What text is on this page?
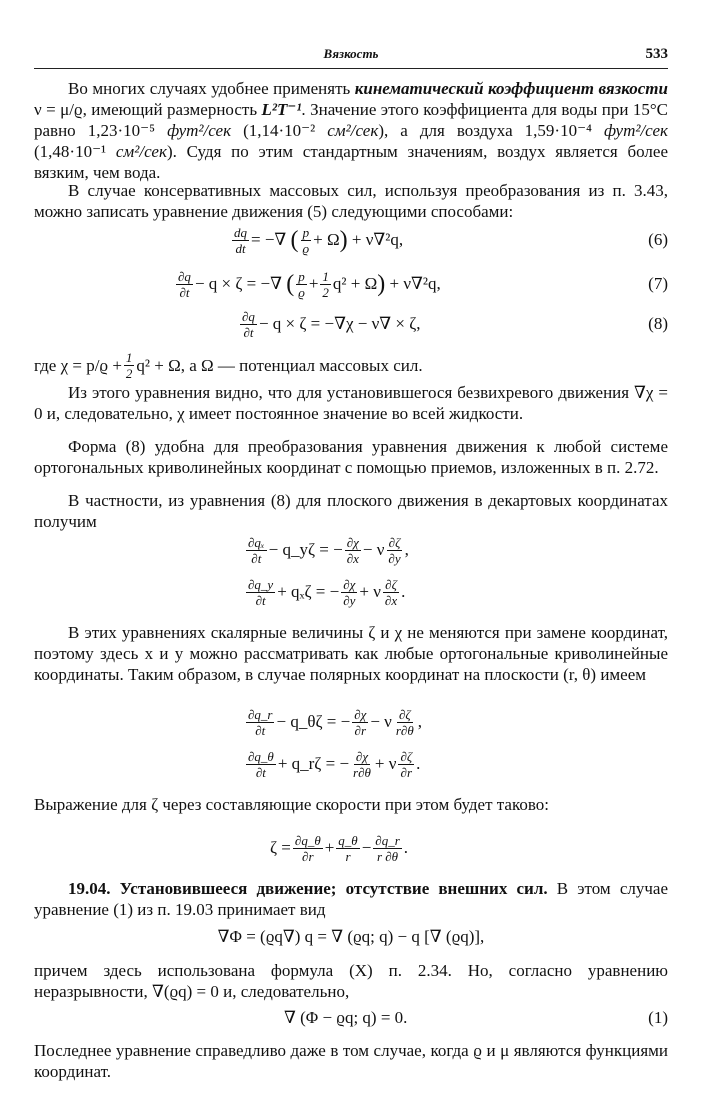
Вязкость	533
Во многих случаях удобнее применять кинематический коэффициент вязкости ν = μ/ϱ, имеющий размерность L²T⁻¹. Значение этого коэффициента для воды при 15°С равно 1,23·10⁻⁵ фут²/сек (1,14·10⁻² см²/сек), а для воздуха 1,59·10⁻⁴ фут²/сек (1,48·10⁻¹ см²/сек). Судя по этим стандартным значениям, воздух является более вязким, чем вода.
В случае консервативных массовых сил, используя преобразования из п. 3.43, можно записать уравнение движения (5) следующими способами:
$\frac{dq}{dt}$ = −∇
( p
ϱ + Ω )
+ ν∇²q,	(6)
∂q
∂t − q × ζ = −∇
( p
ϱ + 1
2 q² + Ω )
+ ν∇²q,	(7)
∂q
∂t − q × ζ = −∇χ − ν∇ × ζ,	(8)
где $\chi = p/ϱ + \frac{1}{2} q^2 + \Omega$, а Ω — потенциал массовых сил.
Из этого уравнения видно, что для установившегося безвихревого движения ∇χ = 0 и, следовательно, χ имеет постоянное значение во всей жидкости.
Форма (8) удобна для преобразования уравнения движения к любой системе ортогональных криволинейных координат с помощью приемов, изложенных в п. 2.72.
В частности, из уравнения (8) для плоского движения в декартовых координатах получим
∂qₓ
∂t − q_yζ = − $\frac{\partial\chi}{\partial x} - \nu$ ∂ζ
∂y ,
∂q_y
∂t + qₓζ = − $\frac{\partial\chi}{\partial y} + \nu$ ∂ζ
∂x .
В этих уравнениях скалярные величины ζ и χ не меняются при замене координат, поэтому здесь x и y можно рассматривать как любые ортогональные криволинейные координаты. Таким образом, в случае полярных координат на плоскости (r, θ) имеем
∂q_r
∂t − q_θζ = − $\frac{\partial\chi}{\partial r} - \nu$ ∂ζ
r∂θ ,
∂q_θ
∂t + q_rζ = − $\frac{\partial\chi}{r\partial\theta} + \nu$ ∂ζ
∂r .
Выражение для ζ через составляющие скорости при этом будет таково:
$\zeta = \frac{\partial q\_\theta}{\partial r} + \frac{q\_\theta}{r} - \frac{\partial q\_r}{r \partial\theta}$ .
19.04. Установившееся движение; отсутствие внешних сил. В этом случае уравнение (1) из п. 19.03 принимает вид
∇Φ = (ϱq∇) q = ∇ (ϱq; q) − q [∇ (ϱq)],
причем здесь использована формула (X) п. 2.34. Но, согласно уравнению неразрывности, ∇(ϱq) = 0 и, следовательно,
∇ (Φ − ϱq; q) = 0.	(1)
Последнее уравнение справедливо даже в том случае, когда ϱ и μ являются функциями координат.
